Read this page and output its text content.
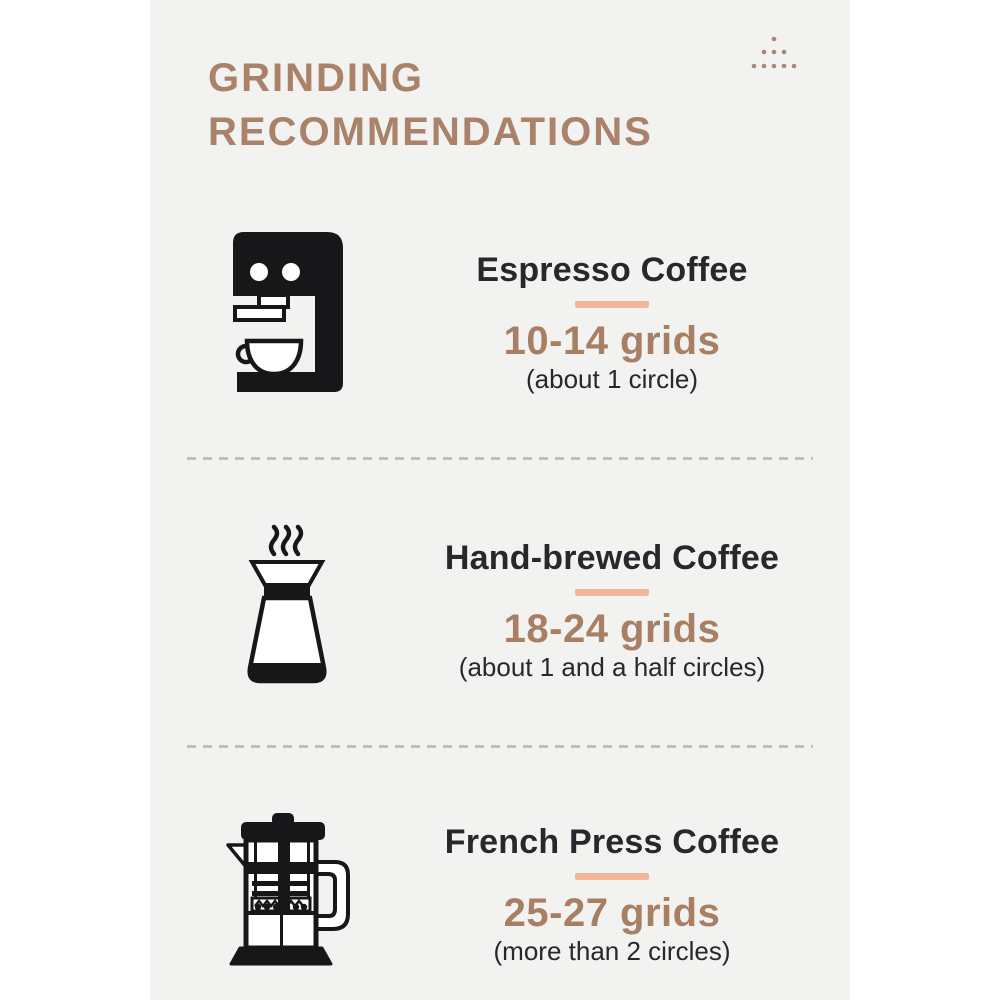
GRINDING
RECOMMENDATIONS
Espresso Coffee
10-14 grids
(about 1 circle)
Hand-brewed Coffee
18-24 grids
(about 1 and a half circles)
French Press Coffee
25-27 grids
(more than 2 circles)
